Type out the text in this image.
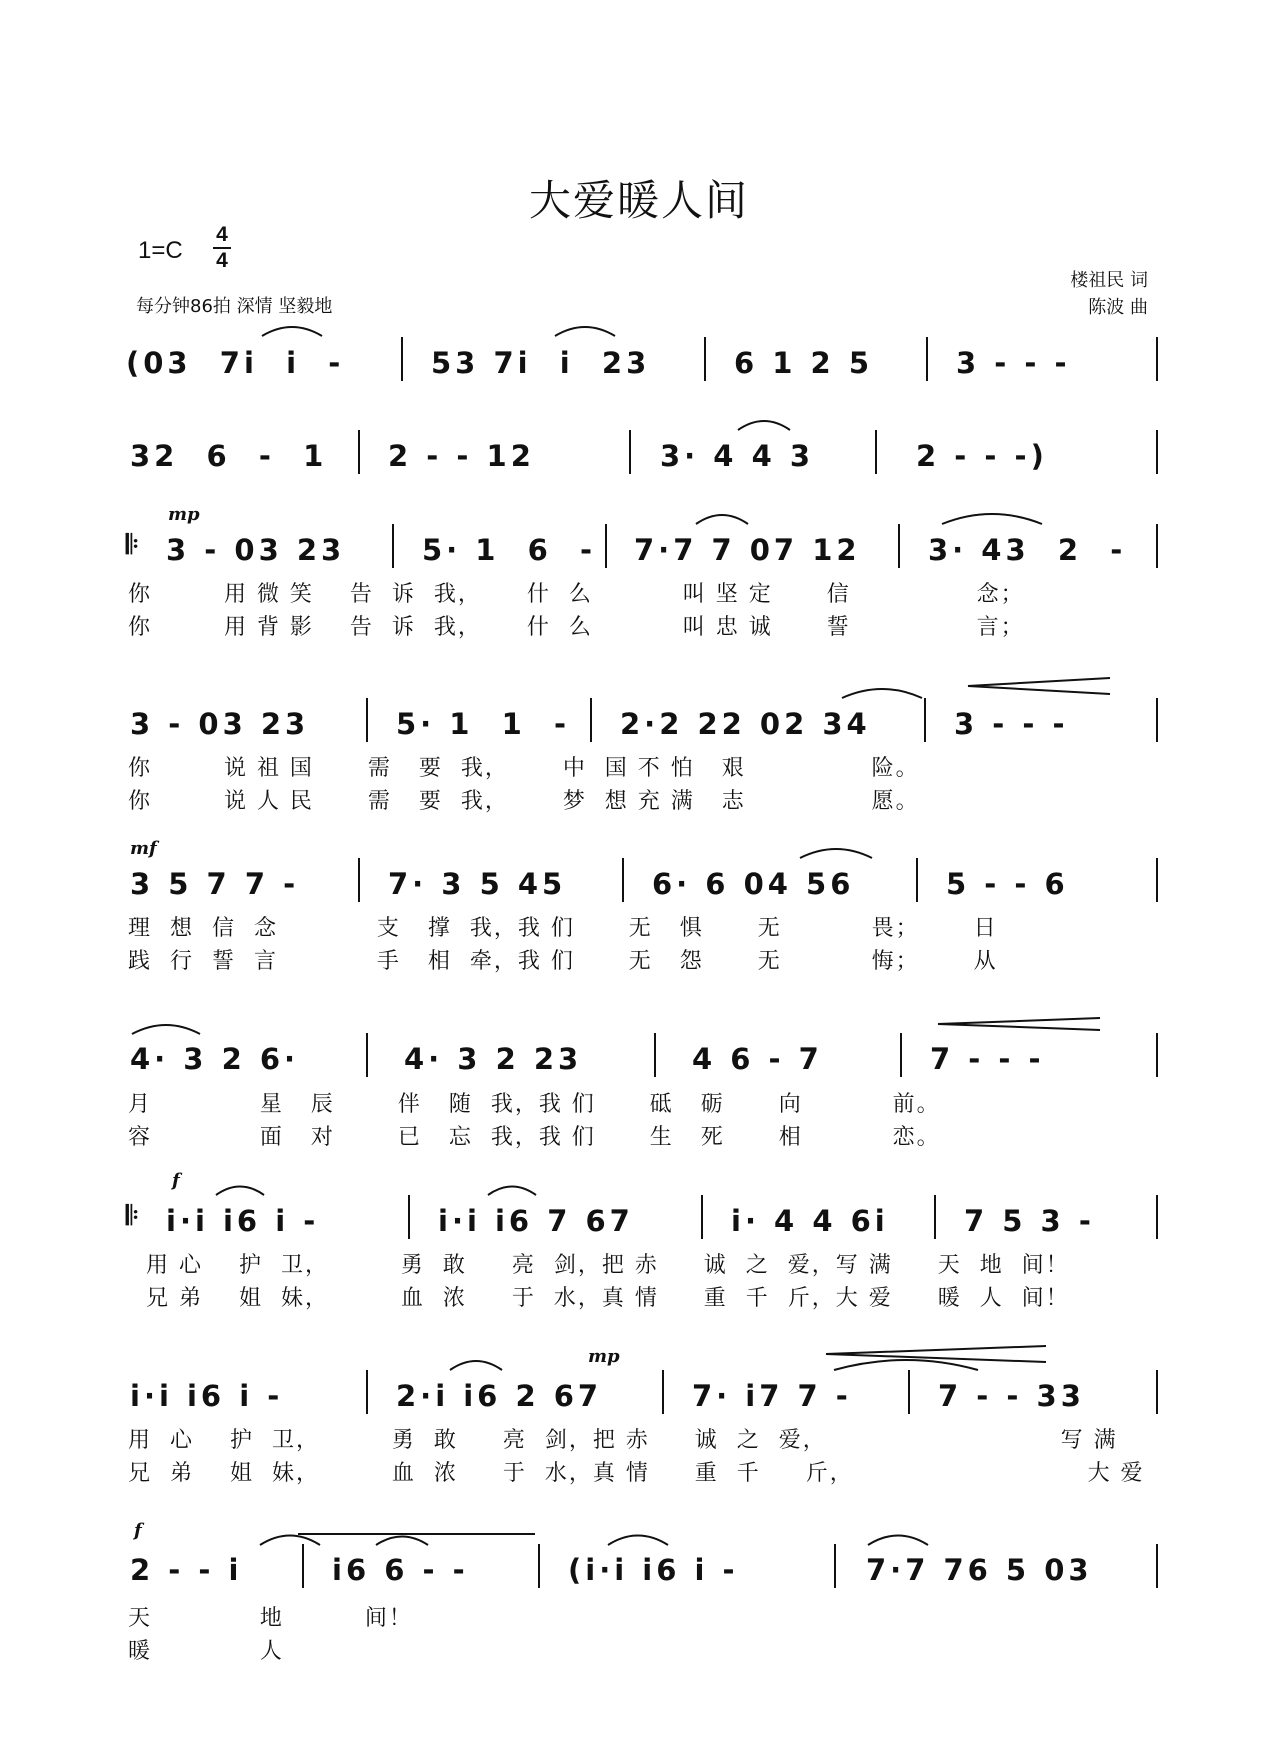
大爱暖人间
1=C
4
4
每分钟86拍 深情 坚毅地
楼祖民 词
陈波 曲
(03  7i  i  -	53 7i  i  23	6 1 2 5	3 - - -
32  6  -  1 2 - - 12	3· 4 4 3	2 - - -)
mp
𝄆 3 - 03 23	5· 1  6  - 7·7 7 07 12 3· 43  2  -
你        用 微 笑    告  诉  我，     什  么          叫 坚 定      信              念；
你        用 背 影    告  诉  我，     什  么          叫 忠 诚      誓              言；
3 - 03 23	5· 1  1  - 2·2 22 02 34	3 - - -
你        说 祖 国      需   要  我，      中  国 不 怕   艰              险。
你        说 人 民      需   要  我，      梦  想 充 满   志              愿。
mf
3 5 7 7 -	7· 3 5 45	6· 6 04 56	5 - - 6
理  想  信  念           支   撑  我，我 们      无   惧      无          畏；      日
践  行  誓  言           手   相  牵，我 们      无   怨      无          悔；      从
4· 3 2 6·	4· 3 2 23	4 6 - 7	7 - - -
月            星   辰       伴   随  我，我 们      砥   砺      向          前。
容            面   对       已   忘  我，我 们      生   死      相          恋。
f
𝄆 i·i i6 i -	i·i i6 7 67	i· 4 4 6i	7 5 3 -
用 心    护  卫，        勇  敢     亮  剑，把 赤     诚  之  爱，写 满     天  地  间！
兄 弟    姐  妹，        血  浓     于  水，真 情     重  千  斤，大 爱     暖  人  间！
mp
i·i i6 i -	2·i i6 2 67	7· i7 7 -	7 - - 33
用  心    护  卫，        勇  敢     亮  剑，把 赤     诚  之  爱，                          写 满
兄  弟    姐  妹，        血  浓     于  水，真 情     重  千     斤，                          大 爱
f
2 - - i	i6 6 - -	(i·i i6 i -	7·7 76 5 03
天            地         间！
暖            人
